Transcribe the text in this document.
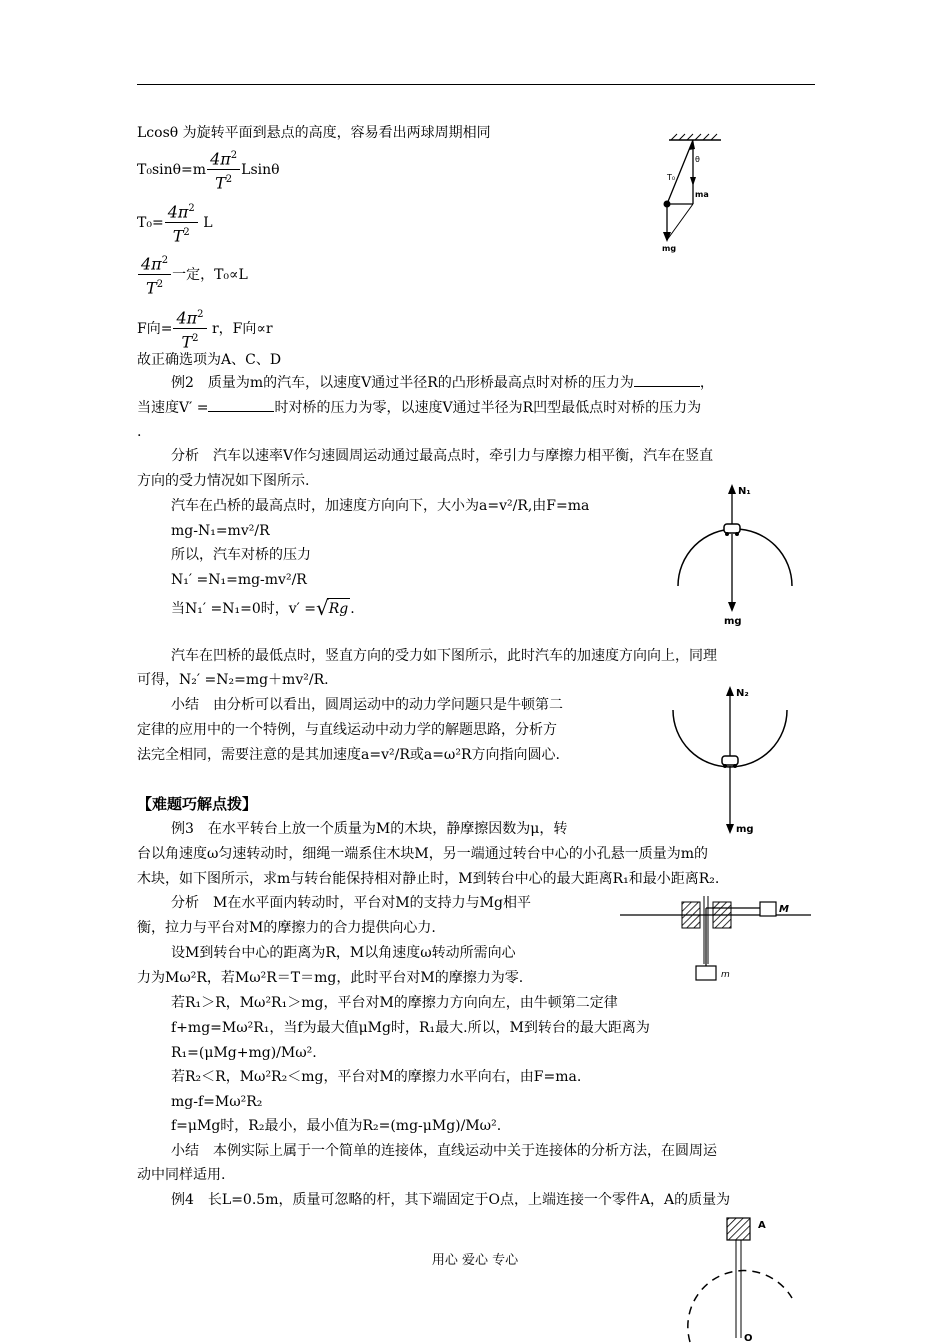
Lcosθ 为旋转平面到悬点的高度，容易看出两球周期相同
$T_0\sin\theta=m \frac{4\pi^2}{T^2}$ Lsinθ
$T_0= \frac{4\pi^2}{T^2}$ L
$\frac{4\pi^2}{T^2}$ 一定，T₀∝L
F向= $\frac{4\pi^2}{T^2}$ r，F向∝r
故正确选项为A、C、D
例2　质量为m的汽车，以速度V通过半径R的凸形桥最高点时对桥的压力为	，
当速度V′ =	时对桥的压力为零，以速度V通过半径为R凹型最低点时对桥的压力为
.
分析　汽车以速率V作匀速圆周运动通过最高点时，牵引力与摩擦力相平衡，汽车在竖直
方向的受力情况如下图所示.
汽车在凸桥的最高点时，加速度方向向下，大小为a=v²/R,由F=ma
mg-N₁=mv²/R
所以，汽车对桥的压力
N₁′ =N₁=mg-mv²/R
当N₁′ =N₁=0时，v′ =√Rg .
汽车在凹桥的最低点时，竖直方向的受力如下图所示，此时汽车的加速度方向向上，同理
可得，N₂′ =N₂=mg＋mv²/R.
小结　由分析可以看出，圆周运动中的动力学问题只是牛顿第二
定律的应用中的一个特例，与直线运动中动力学的解题思路，分析方
法完全相同，需要注意的是其加速度a=v²/R或a=ω²R方向指向圆心.
【难题巧解点拨】
例3　在水平转台上放一个质量为M的木块，静摩擦因数为μ，转
台以角速度ω匀速转动时，细绳一端系住木块M，另一端通过转台中心的小孔悬一质量为m的
木块，如下图所示，求m与转台能保持相对静止时，M到转台中心的最大距离R₁和最小距离R₂.
分析　M在水平面内转动时，平台对M的支持力与Mg相平
衡，拉力与平台对M的摩擦力的合力提供向心力.
设M到转台中心的距离为R，M以角速度ω转动所需向心
力为Mω²R，若Mω²R＝T＝mg，此时平台对M的摩擦力为零.
若R₁＞R，Mω²R₁＞mg，平台对M的摩擦力方向向左，由牛顿第二定律
f+mg=Mω²R₁，当f为最大值μMg时，R₁最大.所以，M到转台的最大距离为
R₁=(μMg+mg)/Mω².
若R₂＜R，Mω²R₂＜mg，平台对M的摩擦力水平向右，由F=ma.
mg-f=Mω²R₂
f=μMg时，R₂最小，最小值为R₂=(mg-μMg)/Mω².
小结　本例实际上属于一个简单的连接体，直线运动中关于连接体的分析方法，在圆周运
动中同样适用.
例4　长L=0.5m，质量可忽略的杆，其下端固定于O点，上端连接一个零件A，A的质量为
用心 爱心 专心
θ
T₀
ma
mg
N₁
mg
N₂
mg
M
m
A
O
